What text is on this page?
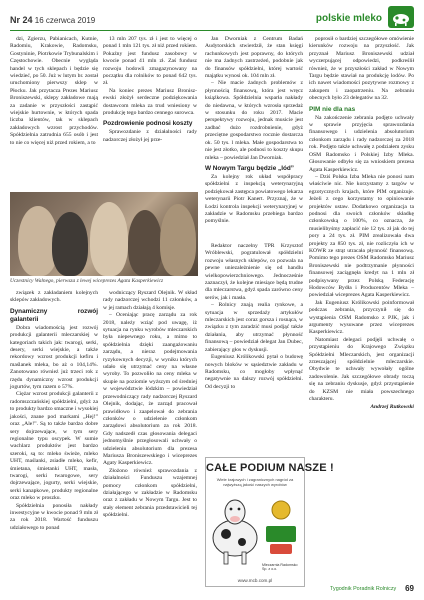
Nr 24 16 czerwca 2019	polskie mleko

dzi, Zgierzu, Pabianicach, Kutnie, Radomiu, Krakowie, Radomsku, Gostyninie, Piotrkowie Trybunalskim i Częstochowie. Obecnie wygląda handel w tych sklepach i będzie się wiedzieć, po 50. Już w lutym br. został uruchomiony pierwszy sklep w Płocku. Jak przytacza Prezes Mariusz Broniszewski, sklepy zakładowe mają za zadanie w przyszłości zastąpić wiejskie hurtownie, w których spada liczba klientów, tak w sklepach zakładowych wzrost przychodów. Spółdzielnia zatrudnia 655 osób i jest to nie co więcej niż przed rokiem, a to

13 mln 207 tys. zł i jest to więcej o ponad 1 mln 121 tys. zł niż przed rokiem. Pokaźny jest fundusz zasobowy w kwocie ponad 41 mln zł. Zaś fundusz rozwoju hodowli zmagazynowany na początku dla rolników to ponad 642 tys. zł.

Na koniec prezes Mariusz Broniszewski złożył serdeczne podziękowania dostawcom mleka za trud wniesiony w produkcję tego bardzo cennego surowca.

Pozdrowienie podnosi koszty

Sprawozdanie z działalności rady nadzorczej złożył jej prze-

Uczestnicy Walnego, pierwsza z lewej wiceprezes Agata Kasperkiewicz

związek z zakładaniem kolejnych sklepów zakładowych.

Dynamiczny rozwój galanterii

Dobra wiadomością jest rozwój produkcji galanterii mleczarskiej w kategoriach takich jak: twarogi, serki, desery, serki wiejskie, a także rekordowy wzrost produkcji kefiru i maślanek mleka, bo aż o 104,14%. Zanotowano również już trzeci rok z rzędu dynamiczny wzrost produkcji jogurtów, tym razem o 57%.

Ciężar wzrost produkcji galanterii z radomszczańskiej spółdzielni, gdyż za to produkty bardzo smaczne i wysokiej jakości, znane pod markami „Hej!” oraz „Ale!”. Są to także bardzo dobre sery dojrzewające, w tym sery regionalne typu oscypek. W sumie wachlarz produktów jest bardzo szeroki, są to: mleko świeże, mleko UHT, maślanki, zsiadłe mleko, kefir, śmietana, śmietanki UHT, masła, twarogi, serki twarogowe, sery dojrzewające, jogurty, serki wiejskie, serki kanapkowe, produkty regionalne oraz mleko w proszku.

Spółdzielnia ponosiła nakłady inwestycyjne w kwocie ponad 9 mln zł za rok 2018. Wartość funduszu udziałowego to ponad

wodniczący Ryszard Olejnik. W skład rady nadzorczej wchodzi 11 członków, a w jej ramach działają 4 komisje.

– Oceniając pracę zarządu za rok 2018, należy wziąć pod uwagę, iż sytuacja na rynku wyrobów mleczarskich była niepewnego roku, a mimo to spółdzielnia dzięki zaangażowaniu zarządu, a nieraz podejmowania ryzykownych decyzji, w wyniku których udało się utrzymać ceny na własne wyroby. To pozwoliło na ceny mleka w skupie na poziomie wyższym od średniej w województwie łódzkim – powiedział przewodniczący rady nadzorczej Ryszard Olejnik, dodając, że zarząd pracował prawidłowo i zaapelował do zebrania członków o udzielenie członkom zarządowi absolutorium za rok 2018. Gdy nadszedł czas głosowania delegaci jednomyślnie przegłosowali uchwały o udzieleniu absolutorium dla prezesa Mariusza Broniszewskiego i wiceprezes Agaty Kasperkiewicz.

Złożono również sprawozdania z działalności Funduszu wzajemnej pomocy członkom spółdzielni, działającego w zakładzie w Radomsku oraz z zakładu w Nowym Targu. Jest to stały element zebrania przedstawicieli tej spółdzielni.

Jan Dworniak z Centrum Badań Audytorskich stwierdził, że stan księgi rachunkowych jest poprawny, do których nie ma żadnych zastrzeżeń, podobnie jak do finansów spółdzielni, której wartość majątku wynosi ok. 104 mln zł.

– Nie macie żadnych problemów z płynnością finansową, która jest wręcz książkowa. Spółdzielnia wsparła nakłady do niedawna, w których wzrosła sprzedaż w stosunku do roku 2017. Macie perspektywy rozwoju, jednak musicie jest zadbać dużo rozdrobnienie, gdyż przeciętne gospodarstwo rocznie dostarcza ok. 50 tys. l mleka. Małe gospodarstwa to nie jest złotko, ale podnosi to koszty skupu mleka – powiedział Jan Dworniak.

W Nowym Targu będzie „lód”

Za kolejny rok układ współpracy spółdzielni z inspekcją weterynaryjną podziękował zastępca powiatowego lekarza weterynarii Piotr Kanert. Przyznaj, że w Łodzi kontrola inspekcji weterynaryjnej w zakładzie w Radomsku przebiega bardzo pomyślnie.

Redaktor naczelny TPR Krzysztof Wróblewski, pogratulował spółdzielni rozwoju własnych sklepów, co pozwala na pewne uniezależnienie się od handlu wielkopowierzchniowego. Jednocześnie zaznaczył, że kolejne miesiące będą trudne dla mleczarstwa, gdyż spada zarówno ceny serów, jak i masła.

– Rolnicy znają realia rynkowe, a sytuacja w sprzedaży artykułów mleczarskich jest coraz gorsza i rosnąca, w związku z tym zaradzić musi podjąć także działania, aby utrzymać płynność finansową – powiedział delegat Jan Dubec, zabierający głos w dyskusji.

Eugeniusz Królikowski pytał o budowę nowych bloków w sąsiedztwie zakładu w Radomsku, co mogłoby wpłynąć negatywnie na dalszy rozwój spółdzielni. Od decyzji to

CAŁE PODIUM NASZE !
Wiele krajowych i zagranicznych nagród za najwyższą jakość naszych wyrobów
Mleczarnia Radomsko Sp. z o.o.
www.mcb.com.pl

poprosił o bardziej szczegółowe omówienie kierunków rozwoju na przyszłość. Jak przyznał Mariusz Broniszewski udział wyczerpującej odpowiedzi, podkreślił również, że w przyszłości zakład w Nowym Targu będzie stawiał na produkcję lodów. Po ich nawet wiadomości pozytywne rozmowy z zakupem i zaopatrzeniu. Na zebraniu obecnych było 23 delegatów na 32.

PIM nie dla nas

Na zakończenie zebrania podjęto uchwały w sprawie przyjęcia sprawozdania finansowego i udzielenia absolutorium członkom zarządu i rady nadzorczej za 2018 rok. Podjęto także uchwałę z podziałem zysku OSM Radomsko i Polskiej Izby Mleka. Głosowanie odbyło się za wnioskiem prezesa Agata Kasperkiewicz.

– Dziś Polska Izba Mleka nie ponosi nam właściwie nic. Nie korzystamy z targów w egzotycznych krajach, które PIM organizuje. Jeżeli z cego korzystamy to opiniowanie projektów ustaw. Dodatkowo organizacja ta podnosi dla swoich członków składkę członkowską o 100%, co oznacza, że musielibyśmy zapłacić nie 12 tys. zł jak do tej pory a 24 tys. zł. PIM zrealizowała dwa projekty za 850 tys. zł, nie rozliczyła ich w KOWR ze strąt utracała płynność finansową. Pomimo tego prezes OSM Radomsko Mariusz Broniszewski nie podtrzymanie płynności finansowej zaciągnęła kredyt na 1 mln zł podpisywany przez Polską Federację Hodowców Bydła i Producentów Mleka – powiedział wiceprezes Agata Kasperkiewicz.

Jak Eugeniusz Królikowski poinformował podczas zebrania, przyczynił się do wystąpienia OSM Radomsko z PJK, jak i argumenty wysuwane przez wiceprezes Kasperkiewicz.

Natomiast delegaci podjęli uchwałę o przystąpieniu do Krajowego Związku Spółdzielni Mleczarskich, jest organizacji zrzeszającej spółdzielnie mleczarskie. Obydwie te uchwały wywołały ogólne zadowolenie. Jak szczegółowe obrady toczą się na zebraniu dyskusje, gdyż przystąpienie do KZSM nie miała powszechnego charakteru.

Andrzej Rutkowski

Tygodnik Poradnik Rolniczy 69
